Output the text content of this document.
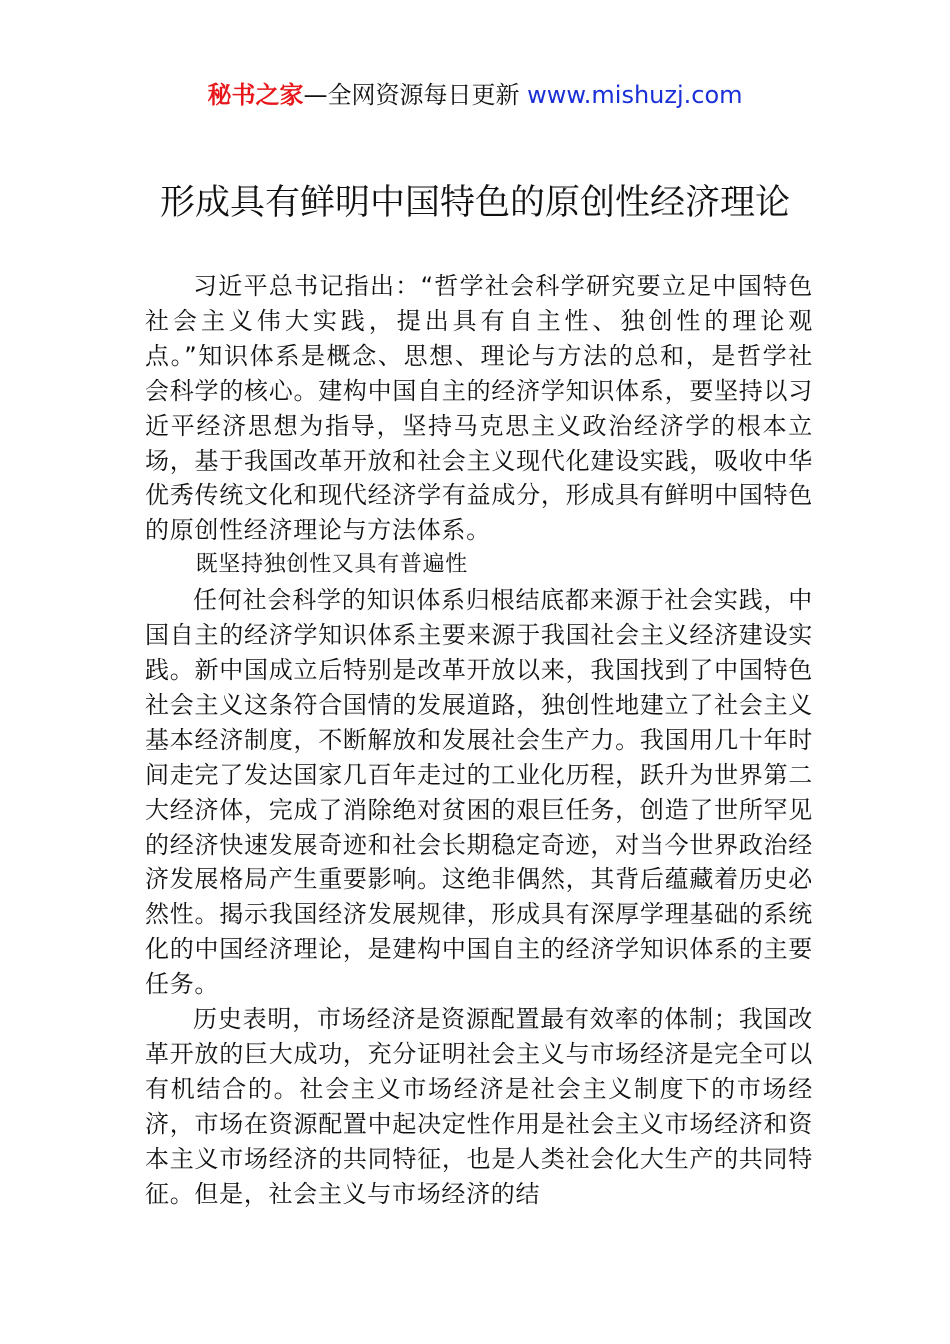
秘书之家—全网资源每日更新 www.mishuzj.com
形成具有鲜明中国特色的原创性经济理论

习近平总书记指出：“哲学社会科学研究要立足中国特色社会主义伟大实践，提出具有自主性、独创性的理论观点。”知识体系是概念、思想、理论与方法的总和，是哲学社会科学的核心。建构中国自主的经济学知识体系，要坚持以习近平经济思想为指导，坚持马克思主义政治经济学的根本立场，基于我国改革开放和社会主义现代化建设实践，吸收中华优秀传统文化和现代经济学有益成分，形成具有鲜明中国特色的原创性经济理论与方法体系。

既坚持独创性又具有普遍性

任何社会科学的知识体系归根结底都来源于社会实践，中国自主的经济学知识体系主要来源于我国社会主义经济建设实践。新中国成立后特别是改革开放以来，我国找到了中国特色社会主义这条符合国情的发展道路，独创性地建立了社会主义基本经济制度，不断解放和发展社会生产力。我国用几十年时间走完了发达国家几百年走过的工业化历程，跃升为世界第二大经济体，完成了消除绝对贫困的艰巨任务，创造了世所罕见的经济快速发展奇迹和社会长期稳定奇迹，对当今世界政治经济发展格局产生重要影响。这绝非偶然，其背后蕴藏着历史必然性。揭示我国经济发展规律，形成具有深厚学理基础的系统化的中国经济理论，是建构中国自主的经济学知识体系的主要任务。

历史表明，市场经济是资源配置最有效率的体制；我国改革开放的巨大成功，充分证明社会主义与市场经济是完全可以有机结合的。社会主义市场经济是社会主义制度下的市场经济，市场在资源配置中起决定性作用是社会主义市场经济和资本主义市场经济的共同特征，也是人类社会化大生产的共同特征。但是，社会主义与市场经济的结
